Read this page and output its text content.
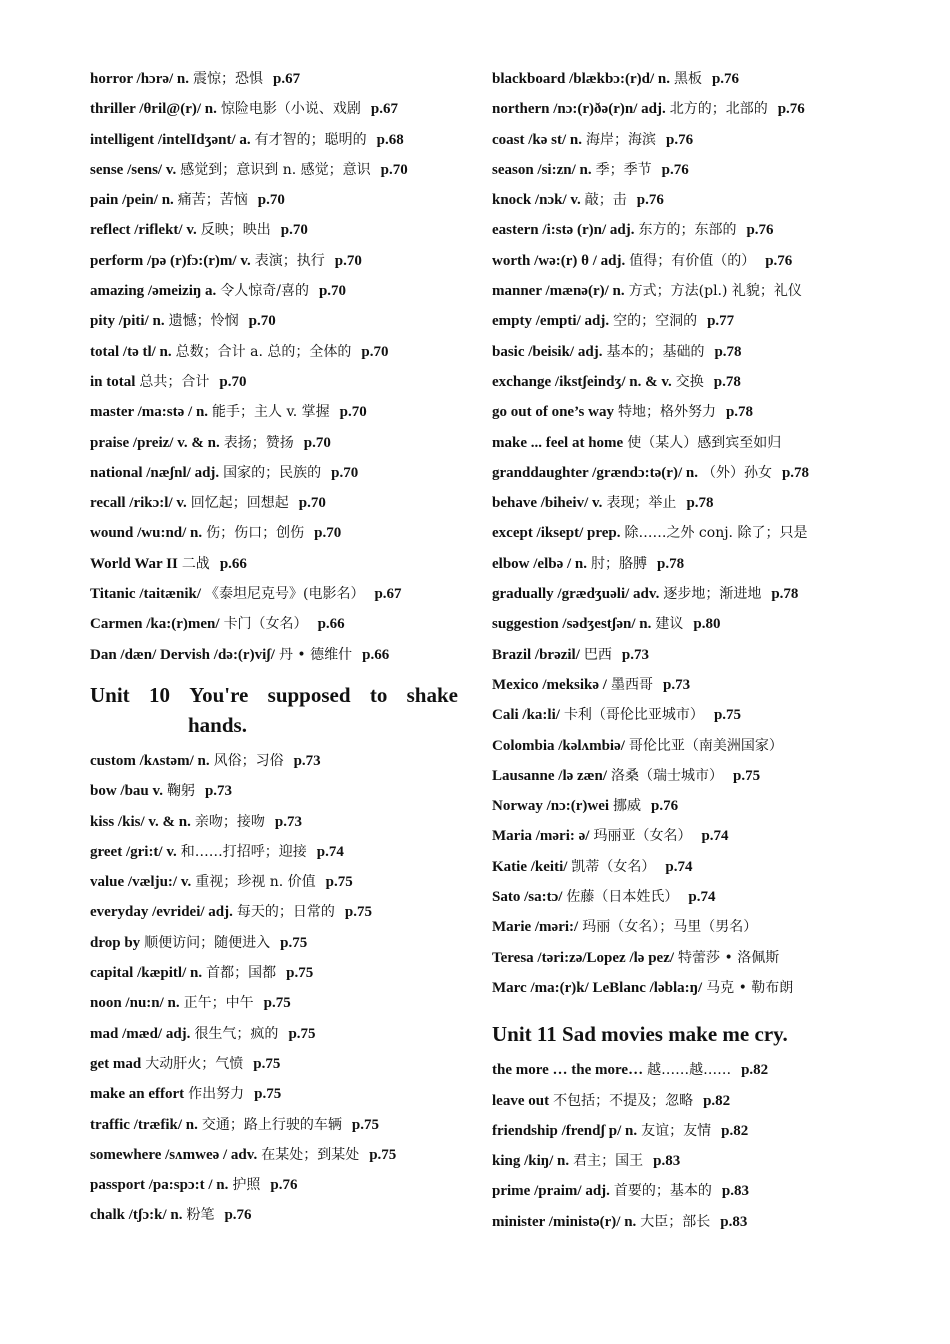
horror /hɔrə/ n. 震惊；恐惧 p.67
thriller /θril@(r)/ n. 惊险电影（小说、戏剧 p.67
intelligent /intelIdʒənt/ a. 有才智的；聪明的 p.68
sense /sens/ v. 感觉到；意识到 n. 感觉；意识 p.70
pain /pein/ n. 痛苦；苦恼 p.70
reflect /riflekt/ v. 反映；映出 p.70
perform /pə (r)fɔ:(r)m/ v. 表演；执行 p.70
amazing /əmeiziŋ a. 令人惊奇/喜的 p.70
pity /piti/ n. 遗憾；怜悯 p.70
total /tə tl/ n. 总数；合计 a. 总的；全体的 p.70
in total 总共；合计 p.70
master /ma:stə / n. 能手；主人 v. 掌握 p.70
praise /preiz/ v. & n. 表扬；赞扬 p.70
national /næʃnl/ adj. 国家的；民族的 p.70
recall /rikɔ:l/ v. 回忆起；回想起 p.70
wound /wu:nd/ n. 伤；伤口；创伤 p.70
World War II 二战 p.66
Titanic /taitænik/ 《泰坦尼克号》(电影名） p.67
Carmen /ka:(r)men/ 卡门（女名） p.66
Dan /dæn/ Dervish /də:(r)viʃ/ 丹 • 德维什 p.66
Unit 10 You're supposed to shake
hands.
custom /kʌstəm/ n. 风俗；习俗 p.73
bow /bau v. 鞠躬 p.73
kiss /kis/ v. & n. 亲吻；接吻 p.73
greet /gri:t/ v. 和……打招呼；迎接 p.74
value /vælju:/ v. 重视；珍视 n. 价值 p.75
everyday /evridei/ adj. 每天的；日常的 p.75
drop by 顺便访问；随便进入 p.75
capital /kæpitl/ n. 首都；国都 p.75
noon /nu:n/ n. 正午；中午 p.75
mad /mæd/ adj. 很生气；疯的 p.75
get mad 大动肝火；气愤 p.75
make an effort 作出努力 p.75
traffic /træfik/ n. 交通；路上行驶的车辆 p.75
somewhere /sʌmweə / adv. 在某处；到某处 p.75
passport /pa:spɔ:t / n. 护照 p.76
chalk /tʃɔ:k/ n. 粉笔 p.76
blackboard /blækbɔ:(r)d/ n. 黑板 p.76
northern /nɔ:(r)ðə(r)n/ adj. 北方的；北部的 p.76
coast /kə st/ n. 海岸；海滨 p.76
season /si:zn/ n. 季；季节 p.76
knock /nɔk/ v. 敲；击 p.76
eastern /i:stə (r)n/ adj. 东方的；东部的 p.76
worth /wə:(r) θ / adj. 值得；有价值（的） p.76
manner /mænə(r)/ n. 方式；方法(pl.) 礼貌；礼仪
empty /empti/ adj. 空的；空洞的 p.77
basic /beisik/ adj. 基本的；基础的 p.78
exchange /ikstʃeindʒ/ n. & v. 交换 p.78
go out of one’s way 特地；格外努力 p.78
make ... feel at home 使（某人）感到宾至如归
granddaughter /grændɔ:tə(r)/ n. （外）孙女 p.78
behave /biheiv/ v. 表现；举止 p.78
except /iksept/ prep. 除……之外 conj. 除了；只是
elbow /elbə / n. 肘；胳膊 p.78
gradually /grædʒuəli/ adv. 逐步地；渐进地 p.78
suggestion /sədʒestʃən/ n. 建议 p.80
Brazil /brəzil/ 巴西 p.73
Mexico /meksikə / 墨西哥 p.73
Cali /ka:li/ 卡利（哥伦比亚城市） p.75
Colombia /kəlʌmbiə/ 哥伦比亚（南美洲国家）
Lausanne /lə zæn/ 洛桑（瑞士城市） p.75
Norway /nɔ:(r)wei 挪威 p.76
Maria /məri: ə/ 玛丽亚（女名） p.74
Katie /keiti/ 凯蒂（女名） p.74
Sato /sa:tɔ/ 佐藤（日本姓氏） p.74
Marie /məri:/ 玛丽（女名）；马里（男名）
Teresa /təri:zə/Lopez /lə pez/ 特蕾莎 • 洛佩斯
Marc /ma:(r)k/ LeBlanc /ləbla:ŋ/ 马克 • 勒布朗
Unit 11 Sad movies make me cry.
the more … the more… 越……越…… p.82
leave out 不包括；不提及；忽略 p.82
friendship /frendʃ p/ n. 友谊；友情 p.82
king /kiŋ/ n. 君主；国王 p.83
prime /praim/ adj. 首要的；基本的 p.83
minister /ministə(r)/ n. 大臣；部长 p.83
